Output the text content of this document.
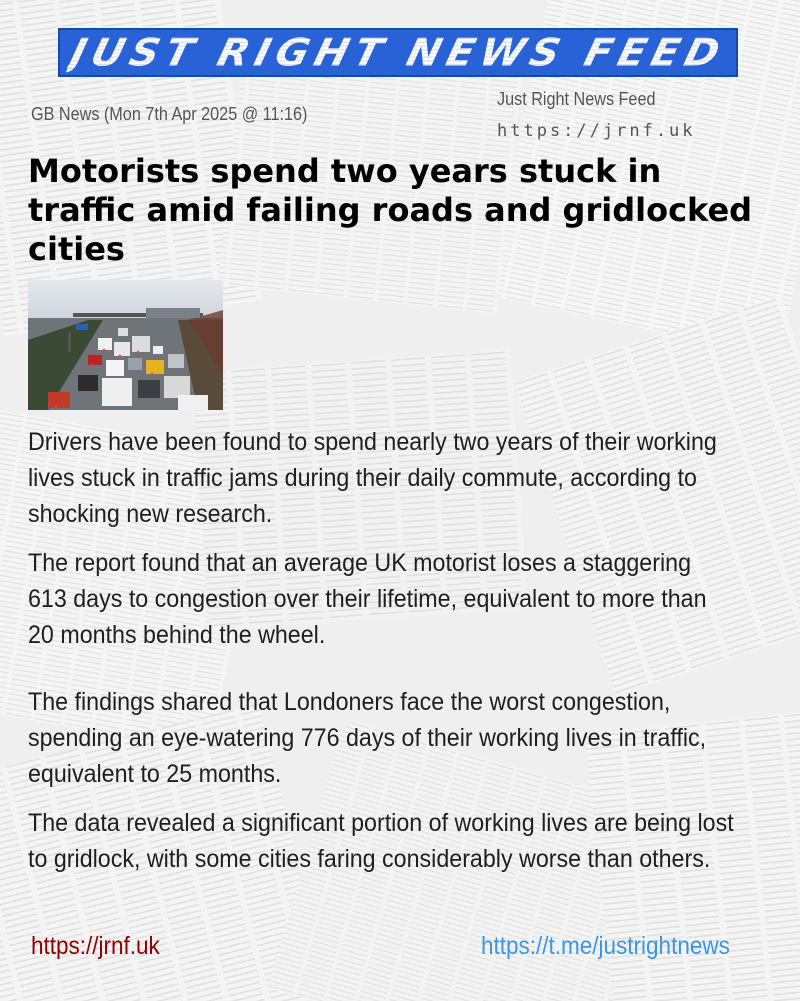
JUST RIGHT NEWS FEED
GB News (Mon 7th Apr 2025 @ 11:16)
Just Right News Feed
https://jrnf.uk
Motorists spend two years stuck in traffic amid failing roads and gridlocked cities

Drivers have been found to spend nearly two years of their working lives stuck in traffic jams during their daily commute, according to shocking new research.

The report found that an average UK motorist loses a staggering 613 days to congestion over their lifetime, equivalent to more than 20 months behind the wheel.

The findings shared that Londoners face the worst congestion, spending an eye-watering 776 days of their working lives in traffic, equivalent to 25 months.

The data revealed a significant portion of working lives are being lost to gridlock, with some cities faring considerably worse than others.

https://jrnf.uk	https://t.me/justrightnews
